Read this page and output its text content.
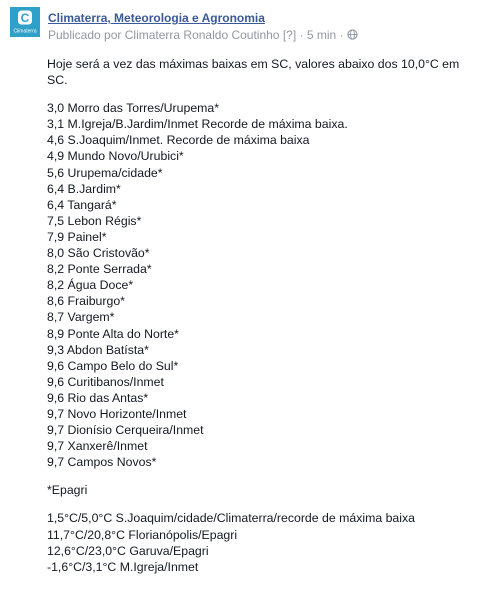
C
Climaterra
Climaterra, Meteorologia e Agronomia
Publicado por Climaterra Ronaldo Coutinho [?] · 5 min ·

Hoje será a vez das máximas baixas em SC, valores abaixo dos 10,0°C em SC.

3,0 Morro das Torres/Urupema*
3,1 M.Igreja/B.Jardim/Inmet Recorde de máxima baixa.
4,6 S.Joaquim/Inmet. Recorde de máxima baixa
4,9 Mundo Novo/Urubici*
5,6 Urupema/cidade*
6,4 B.Jardim*
6,4 Tangará*
7,5 Lebon Régis*
7,9 Painel*
8,0 São Cristovão*
8,2 Ponte Serrada*
8,2 Água Doce*
8,6 Fraiburgo*
8,7 Vargem*
8,9 Ponte Alta do Norte*
9,3 Abdon Batísta*
9,6 Campo Belo do Sul*
9,6 Curitibanos/Inmet
9,6 Rio das Antas*
9,7 Novo Horizonte/Inmet
9,7 Dionísio Cerqueira/Inmet
9,7 Xanxerê/Inmet
9,7 Campos Novos*

*Epagri

1,5°C/5,0°C S.Joaquim/cidade/Climaterra/recorde de máxima baixa
11,7°C/20,8°C Florianópolis/Epagri
12,6°C/23,0°C Garuva/Epagri
-1,6°C/3,1°C M.Igreja/Inmet
